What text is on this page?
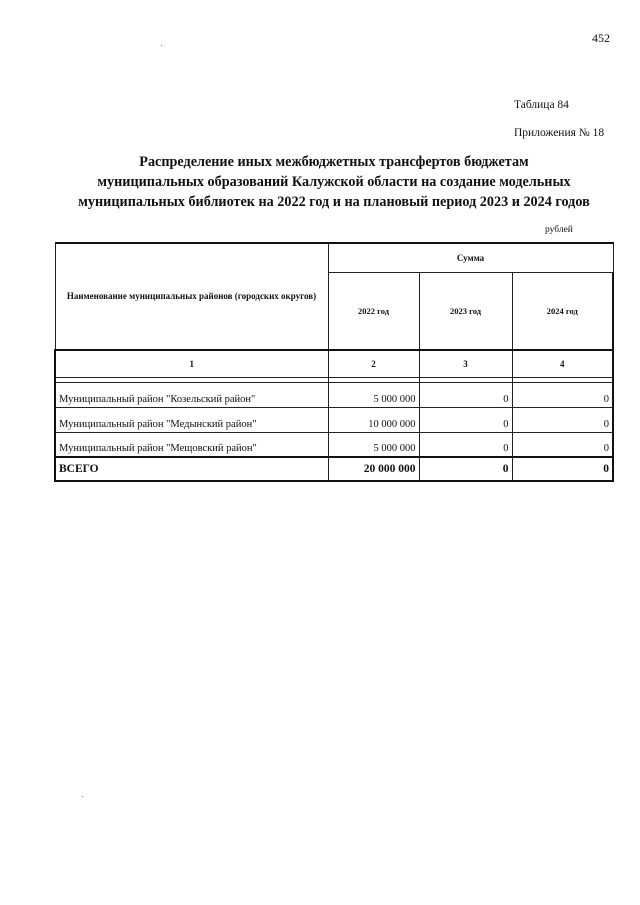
452
Таблица 84
Приложения № 18
Распределение иных межбюджетных трансфертов бюджетам
муниципальных образований Калужской области на создание модельных
муниципальных библиотек на 2022 год и на плановый период 2023 и 2024 годов
рублей
Наименование муниципальных районов (городских округов)	Сумма		
	2022 год	2023 год	2024 год
1	2	3	4

Муниципальный район "Козельский район"	5 000 000	0	0
Муниципальный район "Медынский район"	10 000 000	0	0
Муниципальный район "Мещовский район"	5 000 000	0	0
ВСЕГО	20 000 000	0	0
